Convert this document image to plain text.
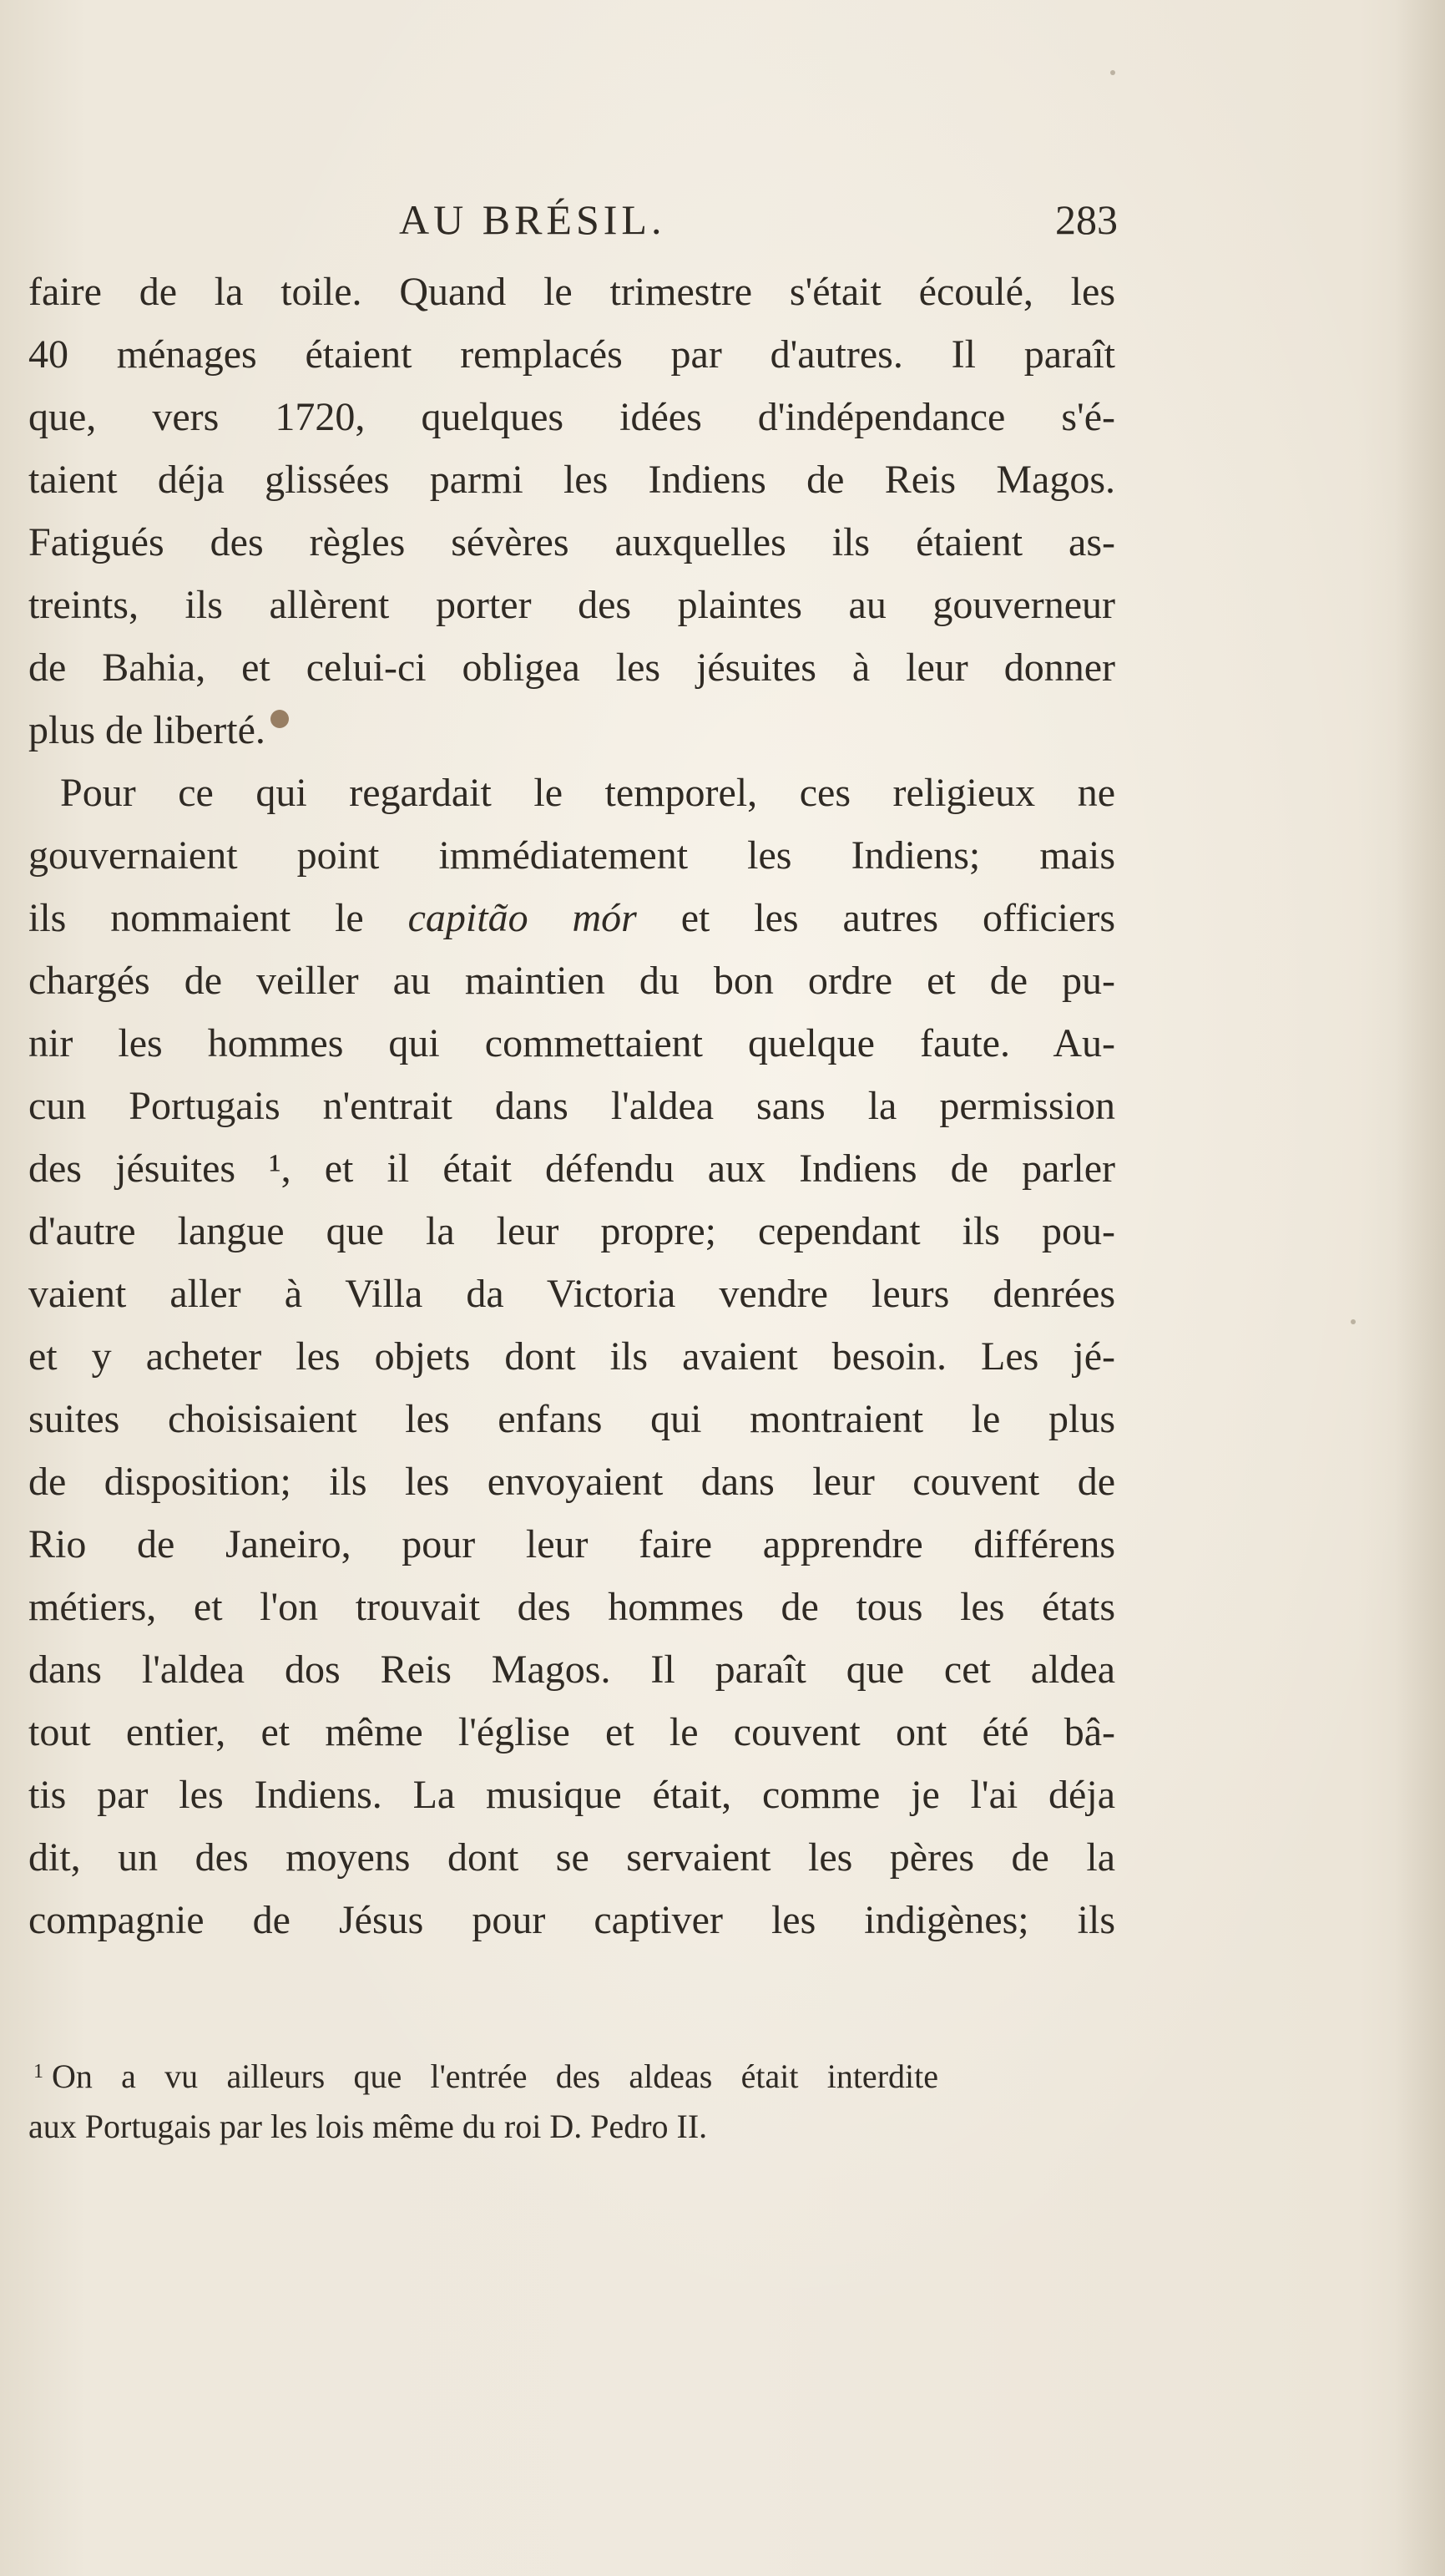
AU BRÉSIL.	283
faire de la toile. Quand le trimestre s'était écoulé, les
40 ménages étaient remplacés par d'autres. Il paraît
que, vers 1720, quelques idées d'indépendance s'é-
taient déja glissées parmi les Indiens de Reis Magos.
Fatigués des règles sévères auxquelles ils étaient as-
treints, ils allèrent porter des plaintes au gouverneur
de Bahia, et celui-ci obligea les jésuites à leur donner
plus de liberté.
Pour ce qui regardait le temporel, ces religieux ne
gouvernaient point immédiatement les Indiens; mais
ils nommaient le capitão mór et les autres officiers
chargés de veiller au maintien du bon ordre et de pu-
nir les hommes qui commettaient quelque faute. Au-
cun Portugais n'entrait dans l'aldea sans la permission
des jésuites ¹, et il était défendu aux Indiens de parler
d'autre langue que la leur propre; cependant ils pou-
vaient aller à Villa da Victoria vendre leurs denrées
et y acheter les objets dont ils avaient besoin. Les jé-
suites choisisaient les enfans qui montraient le plus
de disposition; ils les envoyaient dans leur couvent de
Rio de Janeiro, pour leur faire apprendre différens
métiers, et l'on trouvait des hommes de tous les états
dans l'aldea dos Reis Magos. Il paraît que cet aldea
tout entier, et même l'église et le couvent ont été bâ-
tis par les Indiens. La musique était, comme je l'ai déja
dit, un des moyens dont se servaient les pères de la
compagnie de Jésus pour captiver les indigènes; ils
$^1$ On a vu ailleurs que l'entrée des aldeas était interdite
aux Portugais par les lois même du roi D. Pedro II.
